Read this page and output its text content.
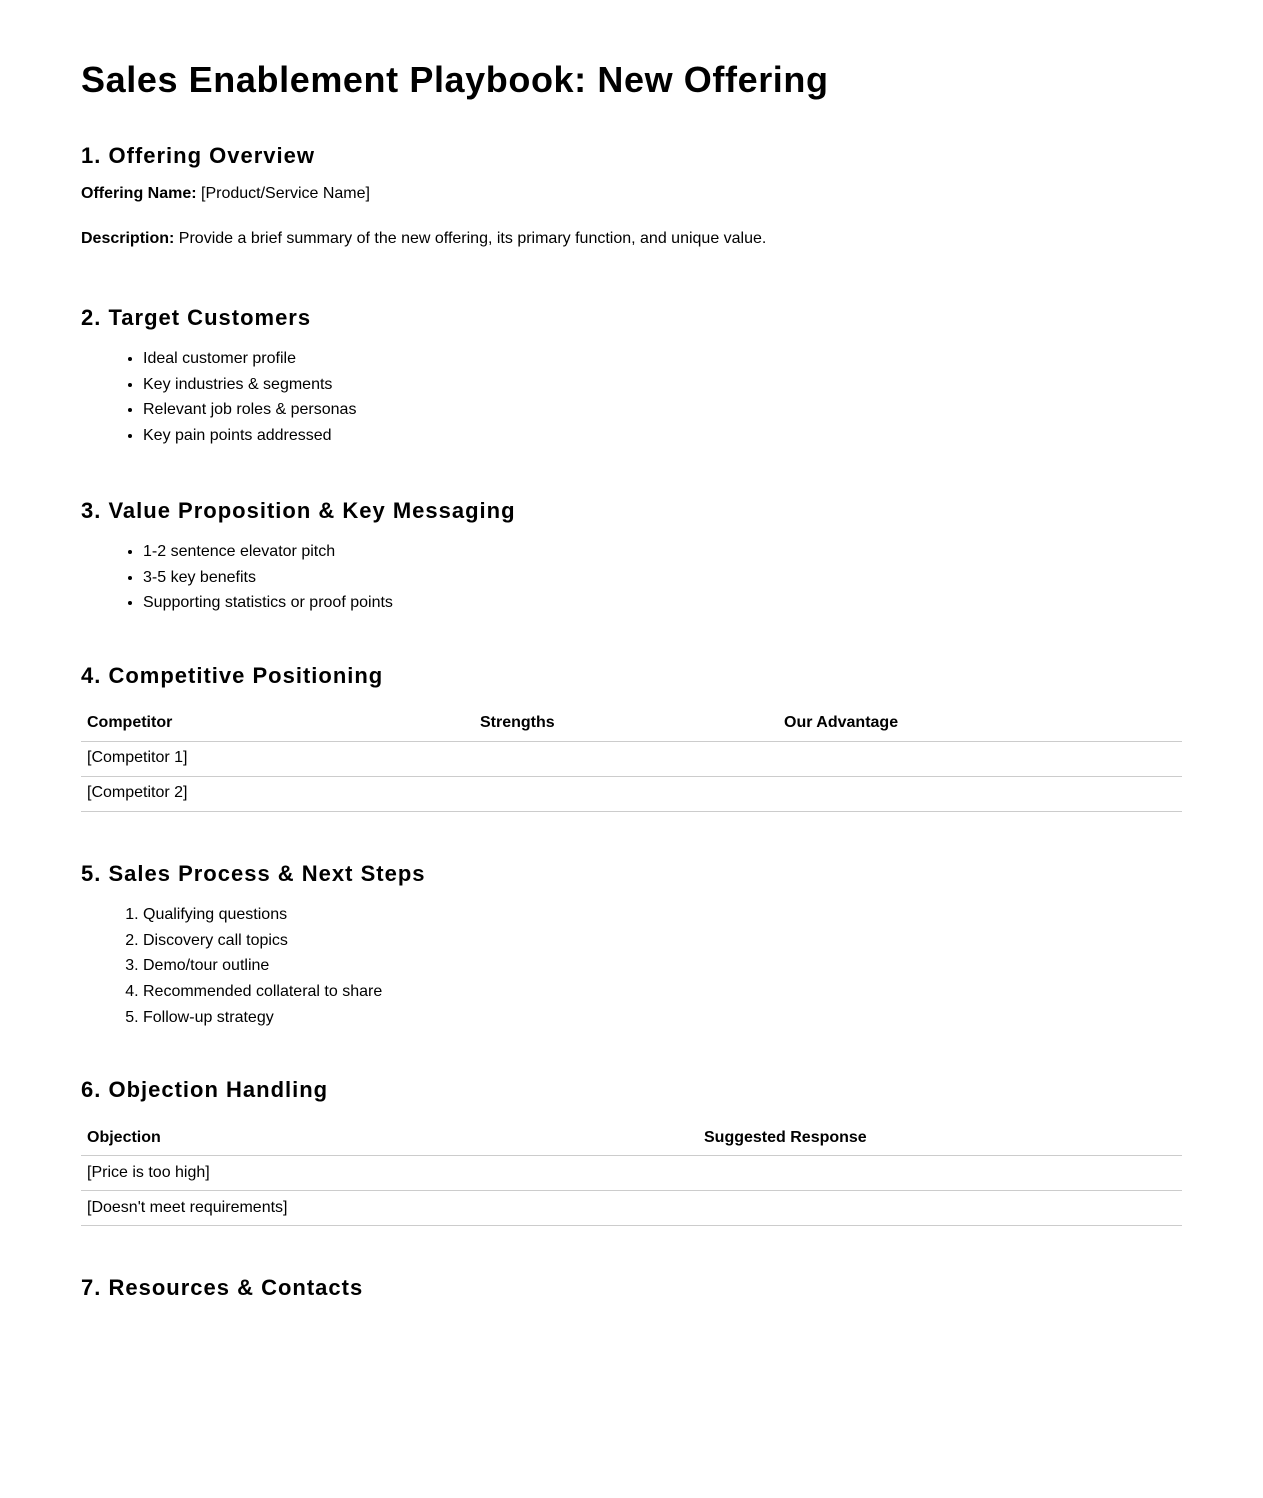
Sales Enablement Playbook: New Offering
1. Offering Overview

Offering Name: [Product/Service Name]

Description: Provide a brief summary of the new offering, its primary function, and unique value.

2. Target Customers
• Ideal customer profile
• Key industries & segments
• Relevant job roles & personas
• Key pain points addressed
3. Value Proposition & Key Messaging
• 1-2 sentence elevator pitch
• 3-5 key benefits
• Supporting statistics or proof points
4. Competitive Positioning
Competitor	Strengths	Our Advantage
[Competitor 1]		
[Competitor 2]		
5. Sales Process & Next Steps
1. Qualifying questions
2. Discovery call topics
3. Demo/tour outline
4. Recommended collateral to share
5. Follow-up strategy
6. Objection Handling
Objection	Suggested Response
[Price is too high]	
[Doesn't meet requirements]	
7. Resources & Contacts
